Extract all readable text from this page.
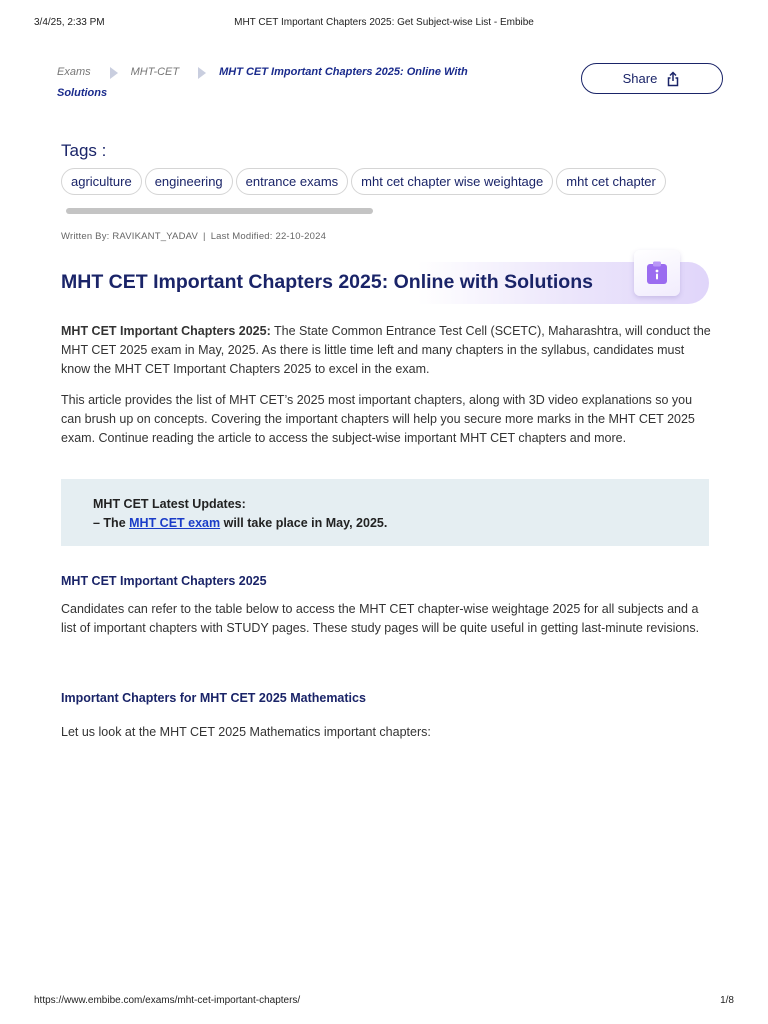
3/4/25, 2:33 PM	MHT CET Important Chapters 2025: Get Subject-wise List - Embibe
Exams	MHT-CET	MHT CET Important Chapters 2025: Online With
Solutions
Share
Tags :
agriculture engineering entrance exams mht cet chapter wise weightage mht cet chapter
Written By: RAVIKANT_YADAV | Last Modified: 22-10-2024
MHT CET Important Chapters 2025: Online with Solutions

MHT CET Important Chapters 2025: The State Common Entrance Test Cell (SCETC), Maharashtra, will conduct the MHT CET 2025 exam in May, 2025. As there is little time left and many chapters in the syllabus, candidates must know the MHT CET Important Chapters 2025 to excel in the exam.

This article provides the list of MHT CET’s 2025 most important chapters, along with 3D video explanations so you can brush up on concepts. Covering the important chapters will help you secure more marks in the MHT CET 2025 exam. Continue reading the article to access the subject-wise important MHT CET chapters and more.

MHT CET Latest Updates:
– The MHT CET exam will take place in May, 2025.
MHT CET Important Chapters 2025

Candidates can refer to the table below to access the MHT CET chapter-wise weightage 2025 for all subjects and a list of important chapters with STUDY pages. These study pages will be quite useful in getting last-minute revisions.

Important Chapters for MHT CET 2025 Mathematics

Let us look at the MHT CET 2025 Mathematics important chapters:

https://www.embibe.com/exams/mht-cet-important-chapters/	1/8
